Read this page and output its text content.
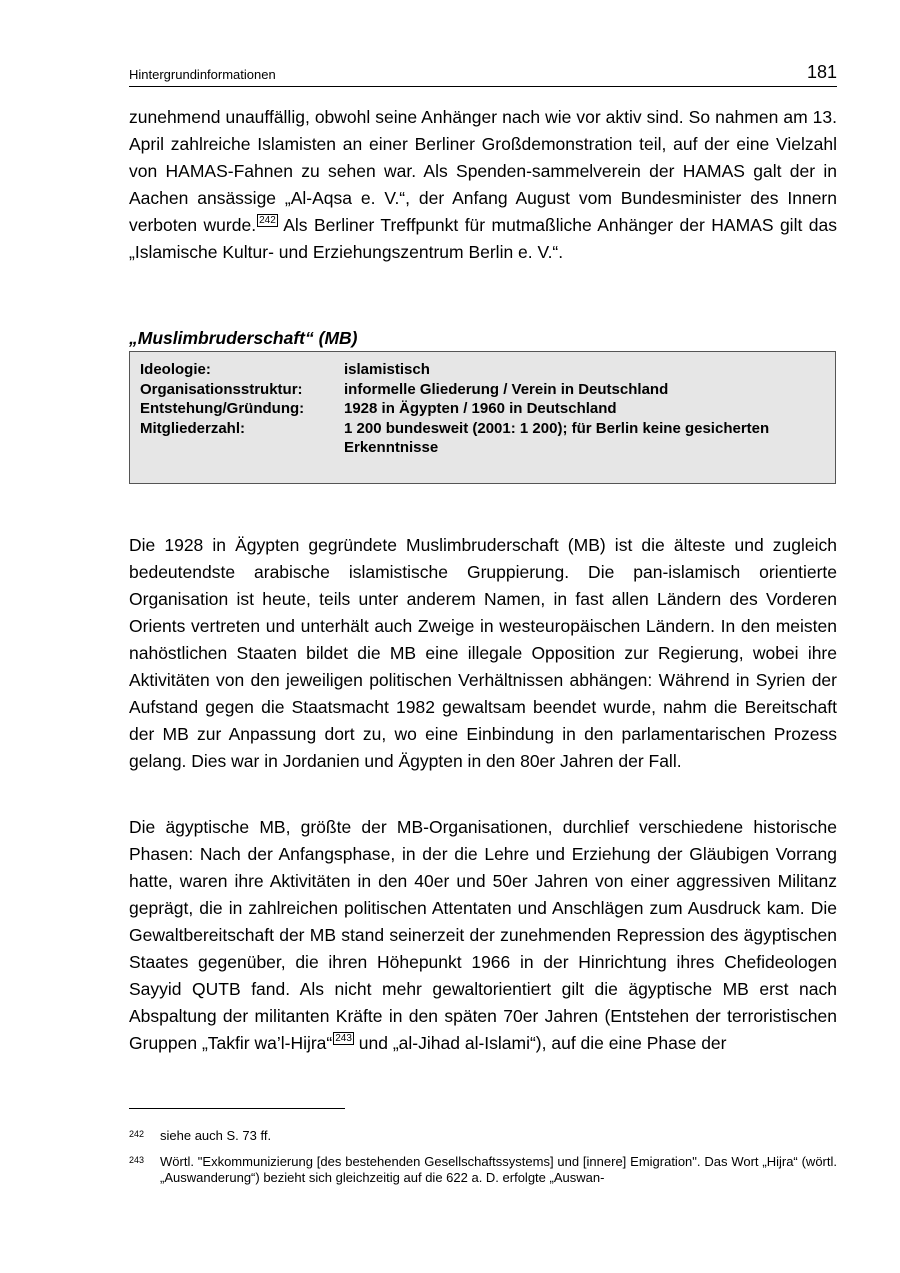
Hintergrundinformationen	181

zunehmend unauffällig, obwohl seine Anhänger nach wie vor aktiv sind. So nahmen am 13. April zahlreiche Islamisten an einer Berliner Großdemonstration teil, auf der eine Vielzahl von HAMAS-Fahnen zu sehen war. Als Spenden-sammelverein der HAMAS galt der in Aachen ansässige „Al-Aqsa e. V.“, der Anfang August vom Bundesminister des Innern verboten wurde. 242 Als Berliner Treffpunkt für mutmaßliche Anhänger der HAMAS gilt das „Islamische Kultur- und Erziehungszentrum Berlin e. V.“.

„Muslimbruderschaft“ (MB)
Ideologie:	islamistisch
Organisationsstruktur:	informelle Gliederung / Verein in Deutschland
Entstehung/Gründung:	1928 in Ägypten / 1960 in Deutschland
Mitgliederzahl:	1 200 bundesweit (2001: 1 200); für Berlin keine gesicherten Erkenntnisse

Die 1928 in Ägypten gegründete Muslimbruderschaft (MB) ist die älteste und zugleich bedeutendste arabische islamistische Gruppierung. Die pan-islamisch orientierte Organisation ist heute, teils unter anderem Namen, in fast allen Ländern des Vorderen Orients vertreten und unterhält auch Zweige in westeuropäischen Ländern. In den meisten nahöstlichen Staaten bildet die MB eine illegale Opposition zur Regierung, wobei ihre Aktivitäten von den jeweiligen politischen Verhältnissen abhängen: Während in Syrien der Aufstand gegen die Staatsmacht 1982 gewaltsam beendet wurde, nahm die Bereitschaft der MB zur Anpassung dort zu, wo eine Einbindung in den parlamentarischen Prozess gelang. Dies war in Jordanien und Ägypten in den 80er Jahren der Fall.

Die ägyptische MB, größte der MB-Organisationen, durchlief verschiedene historische Phasen: Nach der Anfangsphase, in der die Lehre und Erziehung der Gläubigen Vorrang hatte, waren ihre Aktivitäten in den 40er und 50er Jahren von einer aggressiven Militanz geprägt, die in zahlreichen politischen Attentaten und Anschlägen zum Ausdruck kam. Die Gewaltbereitschaft der MB stand seinerzeit der zunehmenden Repression des ägyptischen Staates gegenüber, die ihren Höhepunkt 1966 in der Hinrichtung ihres Chefideologen Sayyid QUTB fand. Als nicht mehr gewaltorientiert gilt die ägyptische MB erst nach Abspaltung der militanten Kräfte in den späten 70er Jahren (Entstehen der terroristischen Gruppen „Takfir wa’l-Hijra“ 243 und „al-Jihad al-Islami“), auf die eine Phase der

242 siehe auch S. 73 ff.
243 Wörtl. "Exkommunizierung [des bestehenden Gesellschaftssystems] und [innere] Emigration". Das Wort „Hijra“ (wörtl. „Auswanderung“) bezieht sich gleichzeitig auf die 622 a. D. erfolgte „Auswan-
